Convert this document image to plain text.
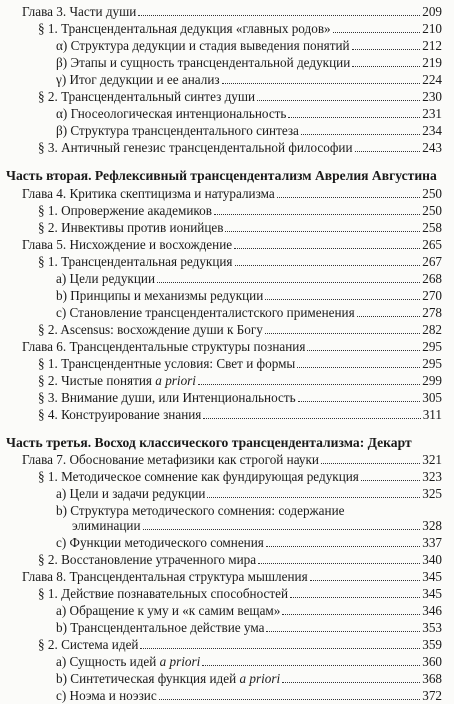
Глава 3. Части души	209
§ 1. Трансцендентальная дедукция «главных родов»	210
α) Структура дедукции и стадия выведения понятий	212
β) Этапы и сущность трансцендентальной дедукции	219
γ) Итог дедукции и ее анализ	224
§ 2. Трансцендентальный синтез души	230
α) Гносеологическая интенциональность	231
β) Структура трансцендентального синтеза	234
§ 3. Античный генезис трансцендентальной философии	243
Часть вторая. Рефлексивный трансцендентализм Аврелия Августина
Глава 4. Критика скептицизма и натурализма	250
§ 1. Опровержение академиков	250
§ 2. Инвективы против ионийцев	258
Глава 5. Нисхождение и восхождение	265
§ 1. Трансцендентальная редукция	267
a) Цели редукции	268
b) Принципы и механизмы редукции	270
c) Становление трансценденталистского применения	278
§ 2. Ascensus: восхождение души к Богу	282
Глава 6. Трансцендентальные структуры познания	295
§ 1. Трансцендентные условия: Свет и формы	295
§ 2. Чистые понятия a priori	299
§ 3. Внимание души, или Интенциональность	305
§ 4. Конструирование знания	311
Часть третья. Восход классического трансцендентализма: Декарт
Глава 7. Обоснование метафизики как строгой науки	321
§ 1. Методическое сомнение как фундирующая редукция	323
a) Цели и задачи редукции	325
b) Структура методического сомнения: содержание
элиминации	328
c) Функции методического сомнения	337
§ 2. Восстановление утраченного мира	340
Глава 8. Трансцендентальная структура мышления	345
§ 1. Действие познавательных способностей	345
a) Обращение к уму и «к самим вещам»	346
b) Трансцендентальное действие ума	353
§ 2. Система идей	359
a) Сущность идей a priori	360
b) Синтетическая функция идей a priori	368
c) Ноэма и ноэзис	372
